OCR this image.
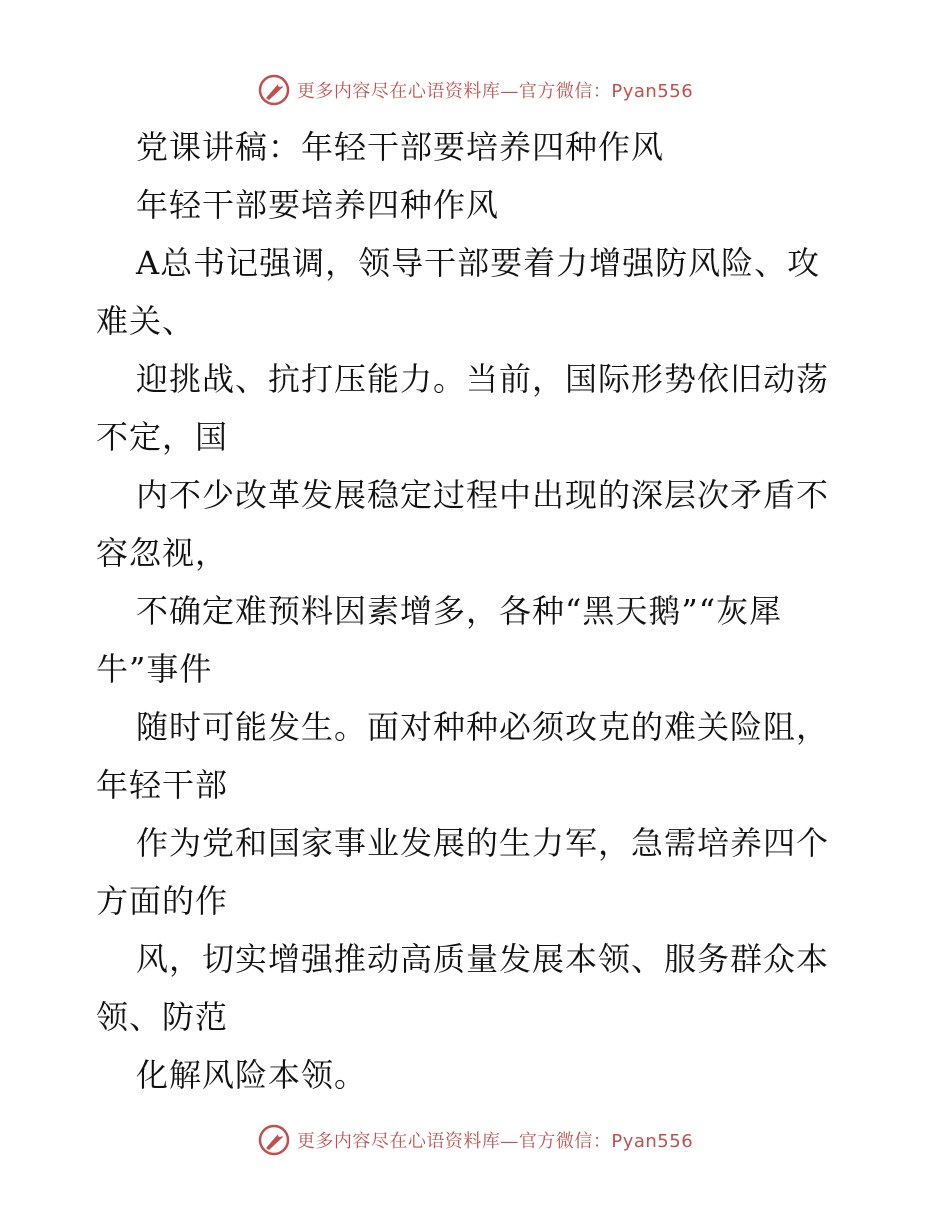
更多内容尽在心语资料库—官方微信：Pyan556
党课讲稿：年轻干部要培养四种作风
年轻干部要培养四种作风
A总书记强调，领导干部要着力增强防风险、攻
难关、
迎挑战、抗打压能力。当前，国际形势依旧动荡
不定，国
内不少改革发展稳定过程中出现的深层次矛盾不
容忽视，
不确定难预料因素增多，各种“黑天鹅”“灰犀
牛”事件
随时可能发生。面对种种必须攻克的难关险阻，
年轻干部
作为党和国家事业发展的生力军，急需培养四个
方面的作
风，切实增强推动高质量发展本领、服务群众本
领、防范
化解风险本领。
更多内容尽在心语资料库—官方微信：Pyan556
